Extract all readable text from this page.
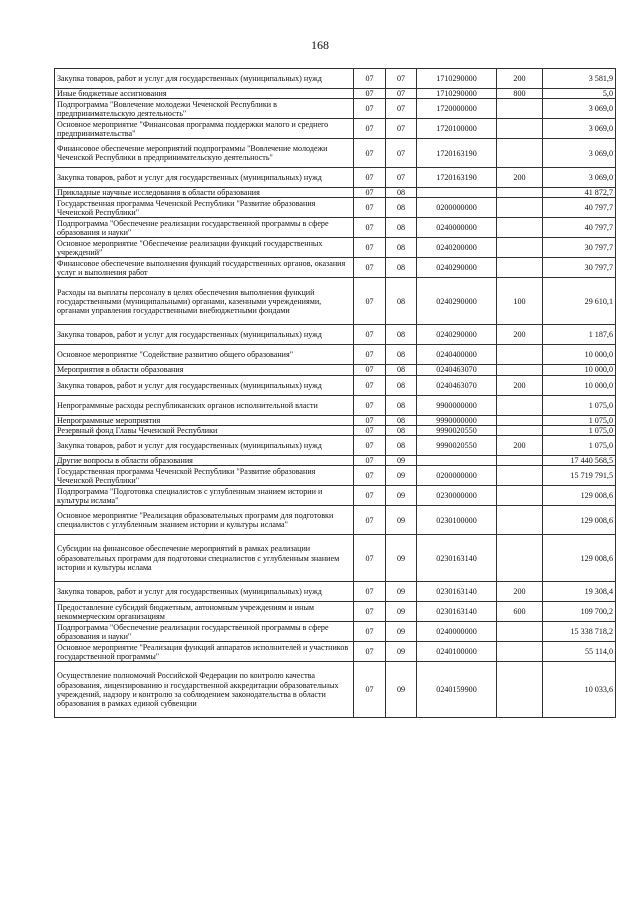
168
Закупка товаров, работ и услуг для государственных (муниципальных) нужд	07	07	1710290000	200	3 581,9
Иные бюджетные ассигнования	07	07	1710290000	800	5,0
Подпрограмма "Вовлечение молодежи Чеченской Республики в предпринимательскую деятельность"	07	07	1720000000		3 069,0
Основное мероприятие "Финансовая программа поддержки малого и среднего предпринимательства"	07	07	1720100000		3 069,0
Финансовое обеспечение мероприятий подпрограммы "Вовлечение молодежи Чеченской Республики в предпринимательскую деятельность"	07	07	1720163190		3 069,0
Закупка товаров, работ и услуг для государственных (муниципальных) нужд	07	07	1720163190	200	3 069,0
Прикладные научные исследования в области образования	07	08			41 872,7
Государственная программа Чеченской Республики "Развитие образования Чеченской Республики"	07	08	0200000000		40 797,7
Подпрограмма "Обеспечение реализации государственной программы в сфере образования и науки"	07	08	0240000000		40 797,7
Основное мероприятие "Обеспечение реализации функций государственных учреждений"	07	08	0240200000		30 797,7
Финансовое обеспечение выполнения функций государственных органов, оказания услуг и выполнения работ	07	08	0240290000		30 797,7
Расходы на выплаты персоналу в целях обеспечения выполнения функций государственными (муниципальными) органами, казенными учреждениями, органами управления государственными внебюджетными фондами	07	08	0240290000	100	29 610,1
Закупка товаров, работ и услуг для государственных (муниципальных) нужд	07	08	0240290000	200	1 187,6
Основное мероприятие "Содействие развитию общего образования"	07	08	0240400000		10 000,0
Мероприятия в области образования	07	08	0240463070		10 000,0
Закупка товаров, работ и услуг для государственных (муниципальных) нужд	07	08	0240463070	200	10 000,0
Непрограммные расходы республиканских органов исполнительной власти	07	08	9900000000		1 075,0
Непрограммные мероприятия	07	08	9990000000		1 075,0
Резервный фонд Главы Чеченской Республики	07	08	9990020550		1 075,0
Закупка товаров, работ и услуг для государственных (муниципальных) нужд	07	08	9990020550	200	1 075,0
Другие вопросы в области образования	07	09			17 440 568,5
Государственная программа Чеченской Республики "Развитие образования Чеченской Республики"	07	09	0200000000		15 719 791,5
Подпрограмма "Подготовка специалистов с углубленным знанием истории и культуры ислама"	07	09	0230000000		129 008,6
Основное мероприятие "Реализация образовательных программ для подготовки специалистов с углубленным знанием истории и культуры ислама"	07	09	0230100000		129 008,6
Субсидии на финансовое обеспечение мероприятий в рамках реализации образовательных программ для подготовки специалистов с углубленным знанием истории и культуры ислама	07	09	0230163140		129 008,6
Закупка товаров, работ и услуг для государственных (муниципальных) нужд	07	09	0230163140	200	19 308,4
Предоставление субсидий бюджетным, автономным учреждениям и иным некоммерческим организациям	07	09	0230163140	600	109 700,2
Подпрограмма "Обеспечение реализации государственной программы в сфере образования и науки"	07	09	0240000000		15 338 718,2
Основное мероприятие "Реализация функций аппаратов исполнителей и участников государственной программы"	07	09	0240100000		55 114,0
Осуществление полномочий Российской Федерации по контролю качества образования, лицензированию и государственной аккредитации образовательных учреждений, надзору и контролю за соблюдением законодательства в области образования в рамках единой субвенции	07	09	0240159900		10 033,6
